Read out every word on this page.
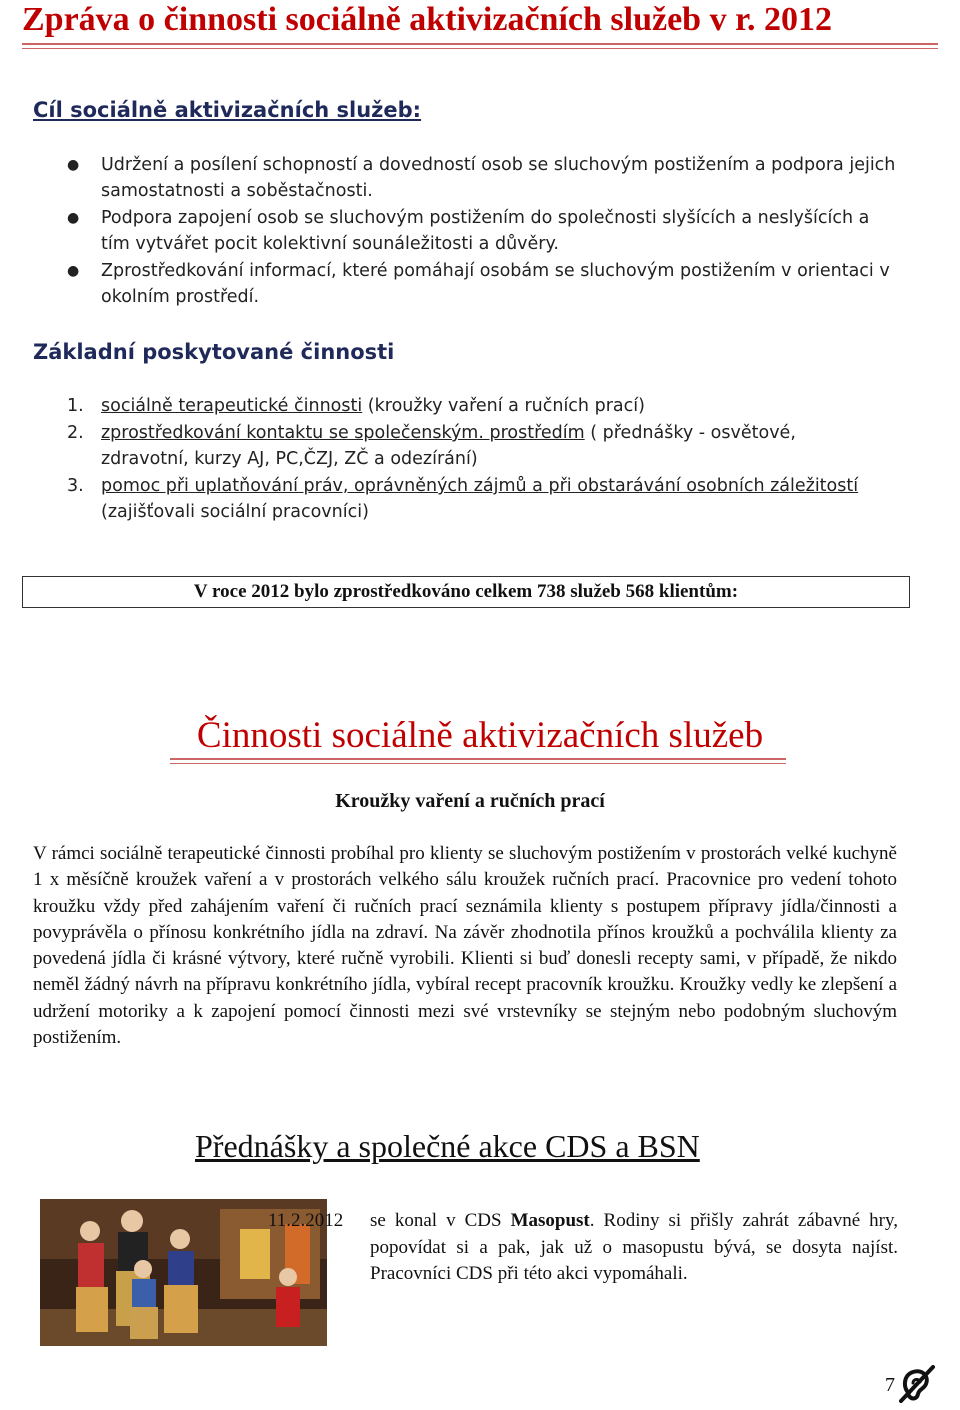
Zpráva o činnosti sociálně aktivizačních služeb v r. 2012
Cíl sociálně aktivizačních služeb:
● Udržení a posílení schopností a dovedností osob se sluchovým postižením a podpora jejich samostatnosti a soběstačnosti.
● Podpora zapojení osob se sluchovým postižením do společnosti slyšících a neslyšících a tím vytvářet pocit kolektivní sounáležitosti a důvěry.
● Zprostředkování informací, které pomáhají osobám se sluchovým postižením v orientaci v okolním prostředí.
Základní poskytované činnosti
1. sociálně terapeutické činnosti (kroužky vaření a ručních prací)
2. zprostředkování kontaktu se společenským. prostředím ( přednášky - osvětové, zdravotní, kurzy AJ, PC,ČZJ, ZČ a odezírání)
3. pomoc při uplatňování práv, oprávněných zájmů a při obstarávání osobních záležitostí (zajišťovali sociální pracovníci)
V roce 2012 bylo zprostředkováno celkem 738 služeb 568 klientům:
Činnosti sociálně aktivizačních služeb
Kroužky vaření a ručních prací
V rámci sociálně terapeutické činnosti probíhal pro klienty se sluchovým postižením v prostorách velké kuchyně 1 x měsíčně kroužek vaření a v prostorách velkého sálu kroužek ručních prací. Pracovnice pro vedení tohoto kroužku vždy před zahájením vaření či ručních prací seznámila klienty s postupem přípravy jídla/činnosti a povyprávěla o přínosu konkrétního jídla na zdraví. Na závěr zhodnotila přínos kroužků a pochválila klienty za povedená jídla či krásné výtvory, které ručně vyrobili. Klienti si buď donesli recepty sami, v případě, že nikdo neměl žádný návrh na přípravu konkrétního jídla, vybíral recept pracovník kroužku. Kroužky vedly ke zlepšení a udržení motoriky a k zapojení pomocí činnosti mezi své vrstevníky se stejným nebo podobným sluchovým postižením.
Přednášky a společné akce CDS a BSN
11.2.2012 se konal v CDS Masopust. Rodiny si přišly zahrát zábavné hry, popovídat si a pak, jak už o masopustu bývá, se dosyta najíst. Pracovníci CDS při této akci vypomáhali.
7
